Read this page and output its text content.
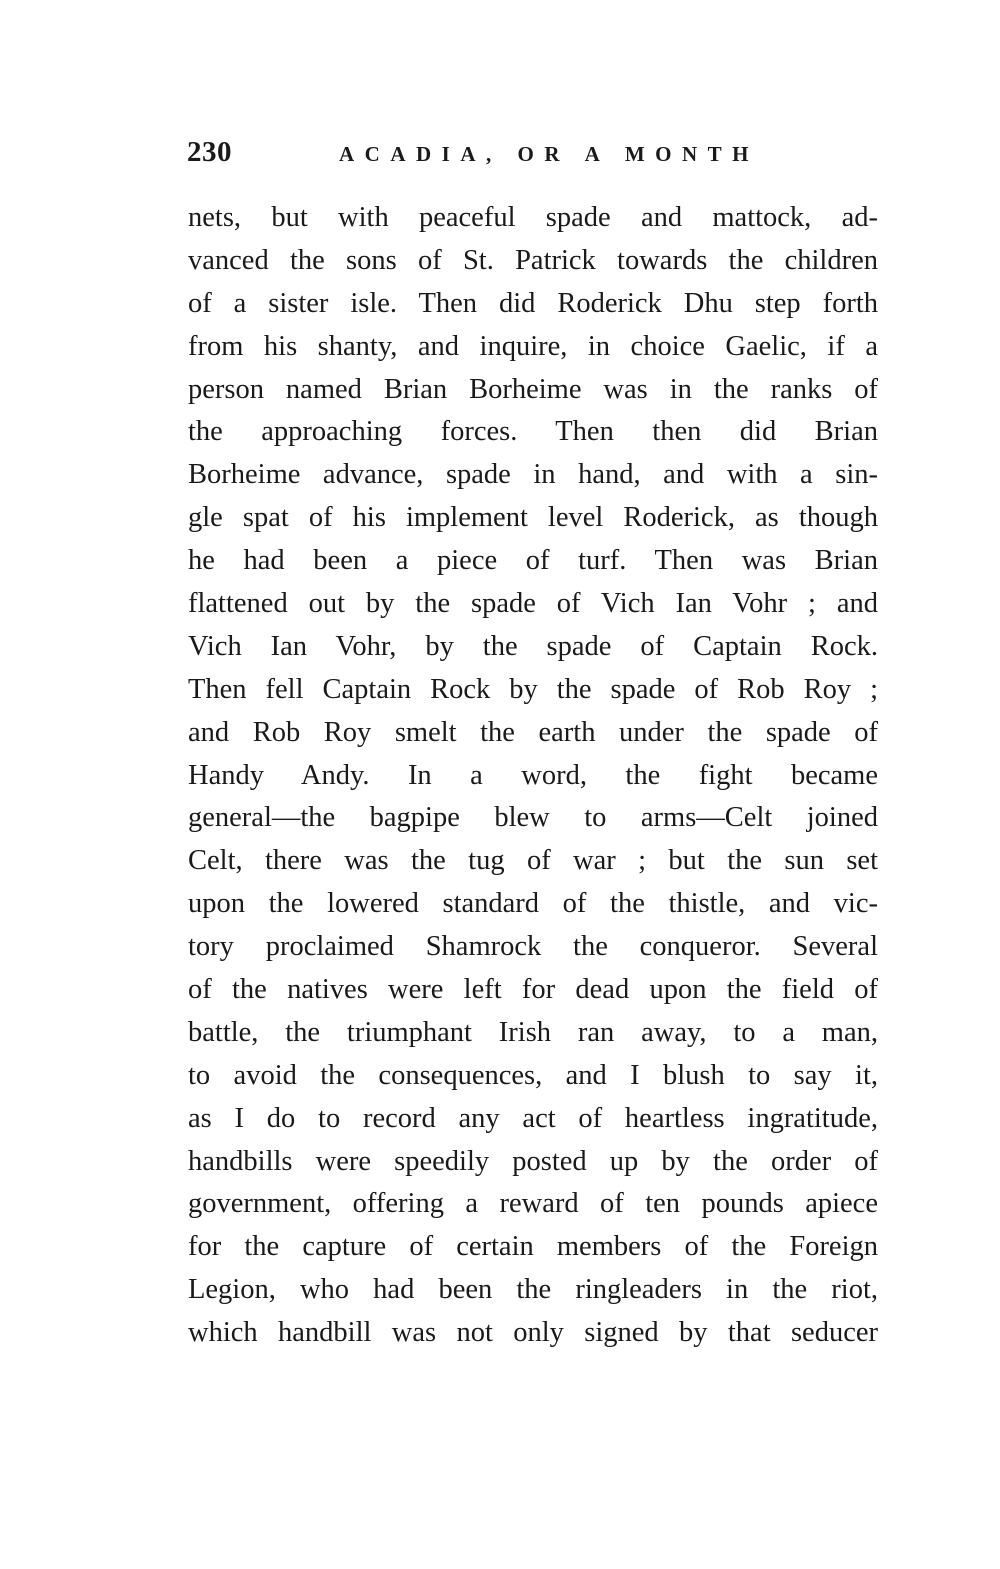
230	ACADIA, OR A MONTH
nets, but with peaceful spade and mattock, ad-
vanced the sons of St. Patrick towards the children
of a sister isle. Then did Roderick Dhu step forth
from his shanty, and inquire, in choice Gaelic, if a
person named Brian Borheime was in the ranks of
the approaching forces. Then then did Brian
Borheime advance, spade in hand, and with a sin-
gle spat of his implement level Roderick, as though
he had been a piece of turf. Then was Brian
flattened out by the spade of Vich Ian Vohr ; and
Vich Ian Vohr, by the spade of Captain Rock.
Then fell Captain Rock by the spade of Rob Roy ;
and Rob Roy smelt the earth under the spade of
Handy Andy. In a word, the fight became
general—the bagpipe blew to arms—Celt joined
Celt, there was the tug of war ; but the sun set
upon the lowered standard of the thistle, and vic-
tory proclaimed Shamrock the conqueror. Several
of the natives were left for dead upon the field of
battle, the triumphant Irish ran away, to a man,
to avoid the consequences, and I blush to say it,
as I do to record any act of heartless ingratitude,
handbills were speedily posted up by the order of
government, offering a reward of ten pounds apiece
for the capture of certain members of the Foreign
Legion, who had been the ringleaders in the riot,
which handbill was not only signed by that seducer
